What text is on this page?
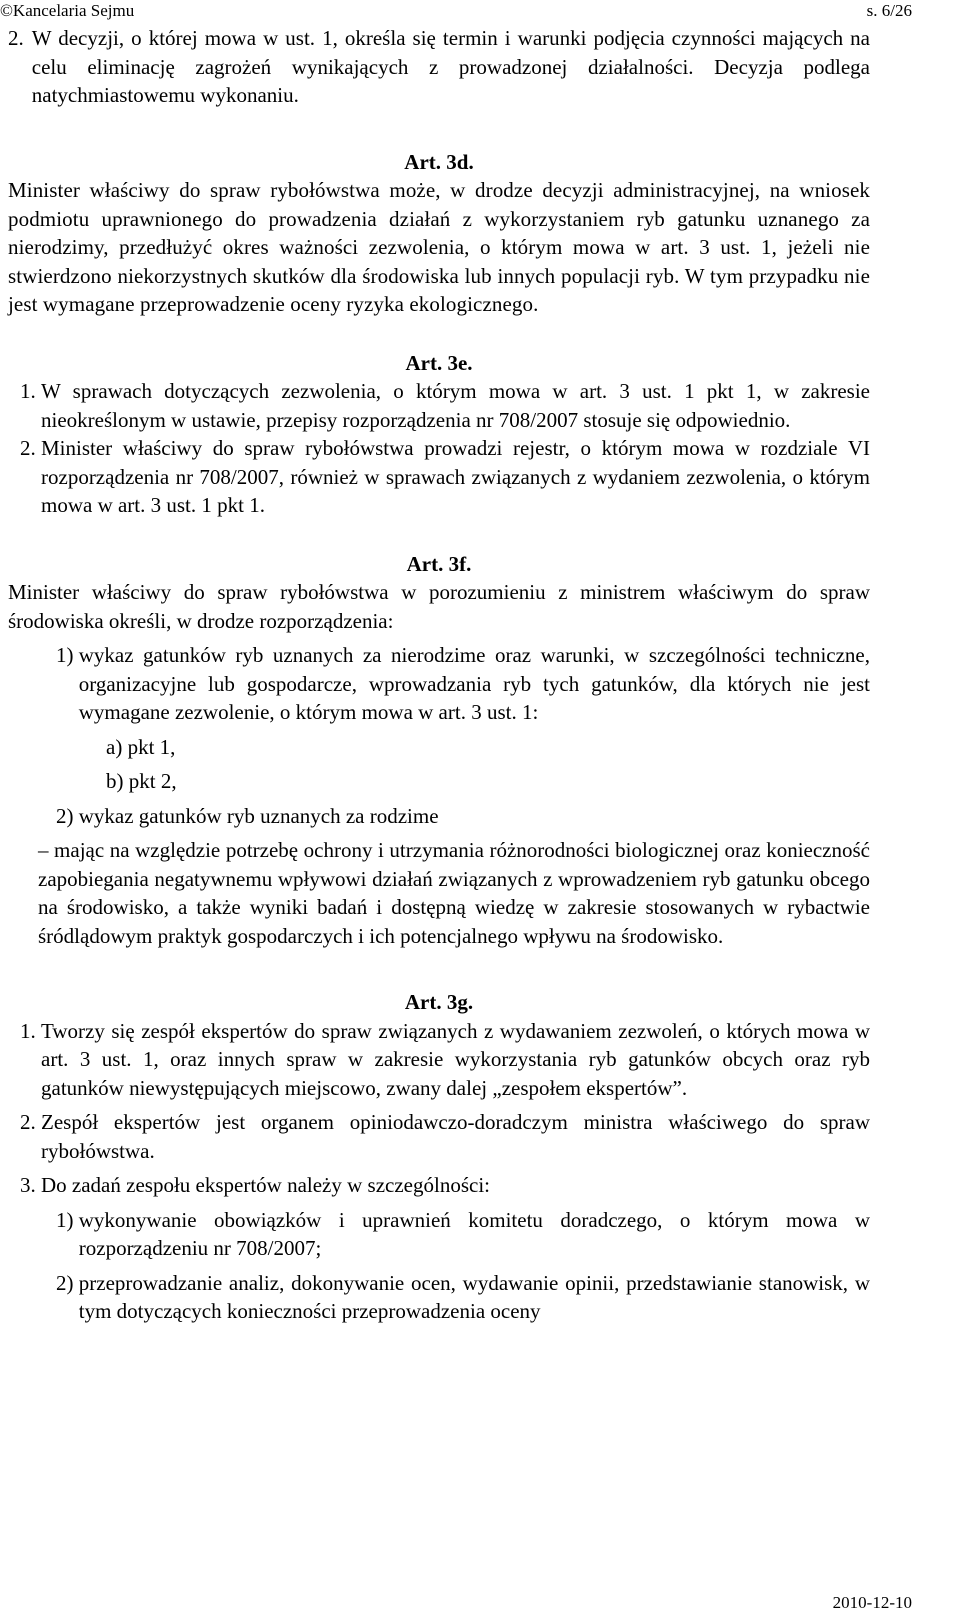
©Kancelaria Sejmu	s. 6/26
2. W decyzji, o której mowa w ust. 1, określa się termin i warunki podjęcia czynności mających na celu eliminację zagrożeń wynikających z prowadzonej działalności. Decyzja podlega natychmiastowemu wykonaniu.
Art. 3d.

Minister właściwy do spraw rybołówstwa może, w drodze decyzji administracyjnej, na wniosek podmiotu uprawnionego do prowadzenia działań z wykorzystaniem ryb gatunku uznanego za nierodzimy, przedłużyć okres ważności zezwolenia, o którym mowa w art. 3 ust. 1, jeżeli nie stwierdzono niekorzystnych skutków dla środowiska lub innych populacji ryb. W tym przypadku nie jest wymagane przeprowadzenie oceny ryzyka ekologicznego.

Art. 3e.
1. W sprawach dotyczących zezwolenia, o którym mowa w art. 3 ust. 1 pkt 1, w zakresie nieokreślonym w ustawie, przepisy rozporządzenia nr 708/2007 stosuje się odpowiednio.
2. Minister właściwy do spraw rybołówstwa prowadzi rejestr, o którym mowa w rozdziale VI rozporządzenia nr 708/2007, również w sprawach związanych z wydaniem zezwolenia, o którym mowa w art. 3 ust. 1 pkt 1.
Art. 3f.

Minister właściwy do spraw rybołówstwa w porozumieniu z ministrem właściwym do spraw środowiska określi, w drodze rozporządzenia:

1) wykaz gatunków ryb uznanych za nierodzime oraz warunki, w szczególności techniczne, organizacyjne lub gospodarcze, wprowadzania ryb tych gatunków, dla których nie jest wymagane zezwolenie, o którym mowa w art. 3 ust. 1:
a) pkt 1,
b) pkt 2,
2) wykaz gatunków ryb uznanych za rodzime

– mając na względzie potrzebę ochrony i utrzymania różnorodności biologicznej oraz konieczność zapobiegania negatywnemu wpływowi działań związanych z wprowadzeniem ryb gatunku obcego na środowisko, a także wyniki badań i dostępną wiedzę w zakresie stosowanych w rybactwie śródlądowym praktyk gospodarczych i ich potencjalnego wpływu na środowisko.

Art. 3g.
1. Tworzy się zespół ekspertów do spraw związanych z wydawaniem zezwoleń, o których mowa w art. 3 ust. 1, oraz innych spraw w zakresie wykorzystania ryb gatunków obcych oraz ryb gatunków niewystępujących miejscowo, zwany dalej „zespołem ekspertów”.
2. Zespół ekspertów jest organem opiniodawczo-doradczym ministra właściwego do spraw rybołówstwa.
3. Do zadań zespołu ekspertów należy w szczególności:
1) wykonywanie obowiązków i uprawnień komitetu doradczego, o którym mowa w rozporządzeniu nr 708/2007;
2) przeprowadzanie analiz, dokonywanie ocen, wydawanie opinii, przedstawianie stanowisk, w tym dotyczących konieczności przeprowadzenia oceny
2010-12-10
